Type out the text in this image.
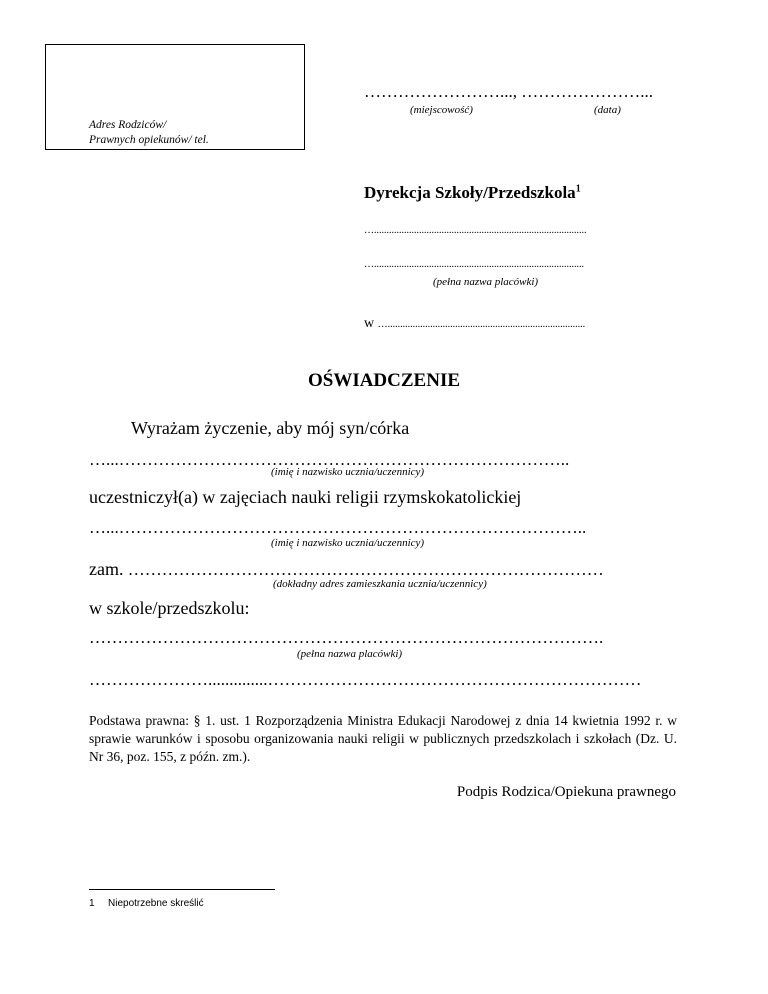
Adres Rodziców/
Prawnych opiekunów/ tel.
……………………..., …………………...
(miejscowość)	(data)
Dyrekcja Szkoły/Przedszkola$^1$
….....................................................................................
…....................................................................................
(pełna nazwa placówki)
w …...............................................................................
OŚWIADCZENIE
Wyrażam życzenie, aby mój syn/córka
…...……………………………………………………………………..
(imię i nazwisko ucznia/uczennicy)
uczestniczył(a) w zajęciach nauki religii rzymskokatolickiej
…...………………………………………………………………………..
(imię i nazwisko ucznia/uczennicy)
zam. …………………………………………………………………………
(dokładny adres zamieszkania ucznia/uczennicy)
w szkole/przedszkolu:
……………………………………………………………………………….
(pełna nazwa placówki)
…………………..............…………………………………………………………
Podstawa prawna: § 1. ust. 1 Rozporządzenia Ministra Edukacji Narodowej z dnia 14 kwietnia 1992 r. w sprawie warunków i sposobu organizowania nauki religii w publicznych przedszkolach i szkołach (Dz. U. Nr 36, poz. 155, z późn. zm.).
Podpis Rodzica/Opiekuna prawnego
1 Niepotrzebne skreślić
